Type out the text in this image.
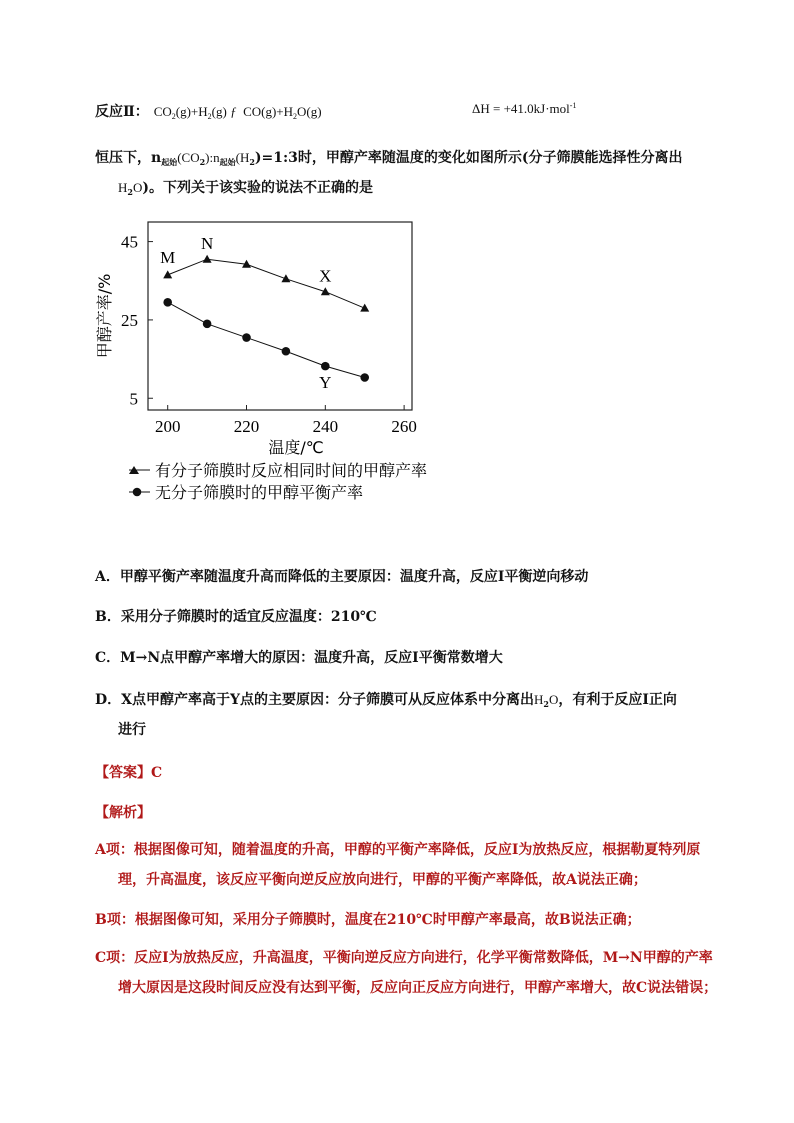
反应Ⅱ： $CO_2(g)+H_2(g)$ ƒ $CO(g)+H_2O(g)$	ΔH = +41.0kJ·mol$^{-1}$
恒压下，$n_{起始}(CO_2):n_{起始}(H_2)=1:3$时，甲醇产率随温度的变化如图所示(分子筛膜能选择性分离出
$H_2O$)。下列关于该实验的说法不正确的是
45
25
5
200	220	240	260
M
N
X
Y
甲醇产率/%
温度/℃
有分子筛膜时反应相同时间的甲醇产率
无分子筛膜时的甲醇平衡产率
A．甲醇平衡产率随温度升高而降低的主要原因：温度升高，反应Ⅰ平衡逆向移动
B．采用分子筛膜时的适宜反应温度：210℃
C．M→N点甲醇产率增大的原因：温度升高，反应Ⅰ平衡常数增大
D．X点甲醇产率高于Y点的主要原因：分子筛膜可从反应体系中分离出$H_2O$，有利于反应Ⅰ正向
进行
【答案】C
【解析】
A项：根据图像可知，随着温度的升高，甲醇的平衡产率降低，反应Ⅰ为放热反应，根据勒夏特列原理，升高温度，该反应平衡向逆反应放向进行，甲醇的平衡产率降低，故A说法正确；
B项：根据图像可知，采用分子筛膜时，温度在210℃时甲醇产率最高，故B说法正确；
C项：反应Ⅰ为放热反应，升高温度，平衡向逆反应方向进行，化学平衡常数降低，M→N甲醇的产率增大原因是这段时间反应没有达到平衡，反应向正反应方向进行，甲醇产率增大，故C说法错误；
